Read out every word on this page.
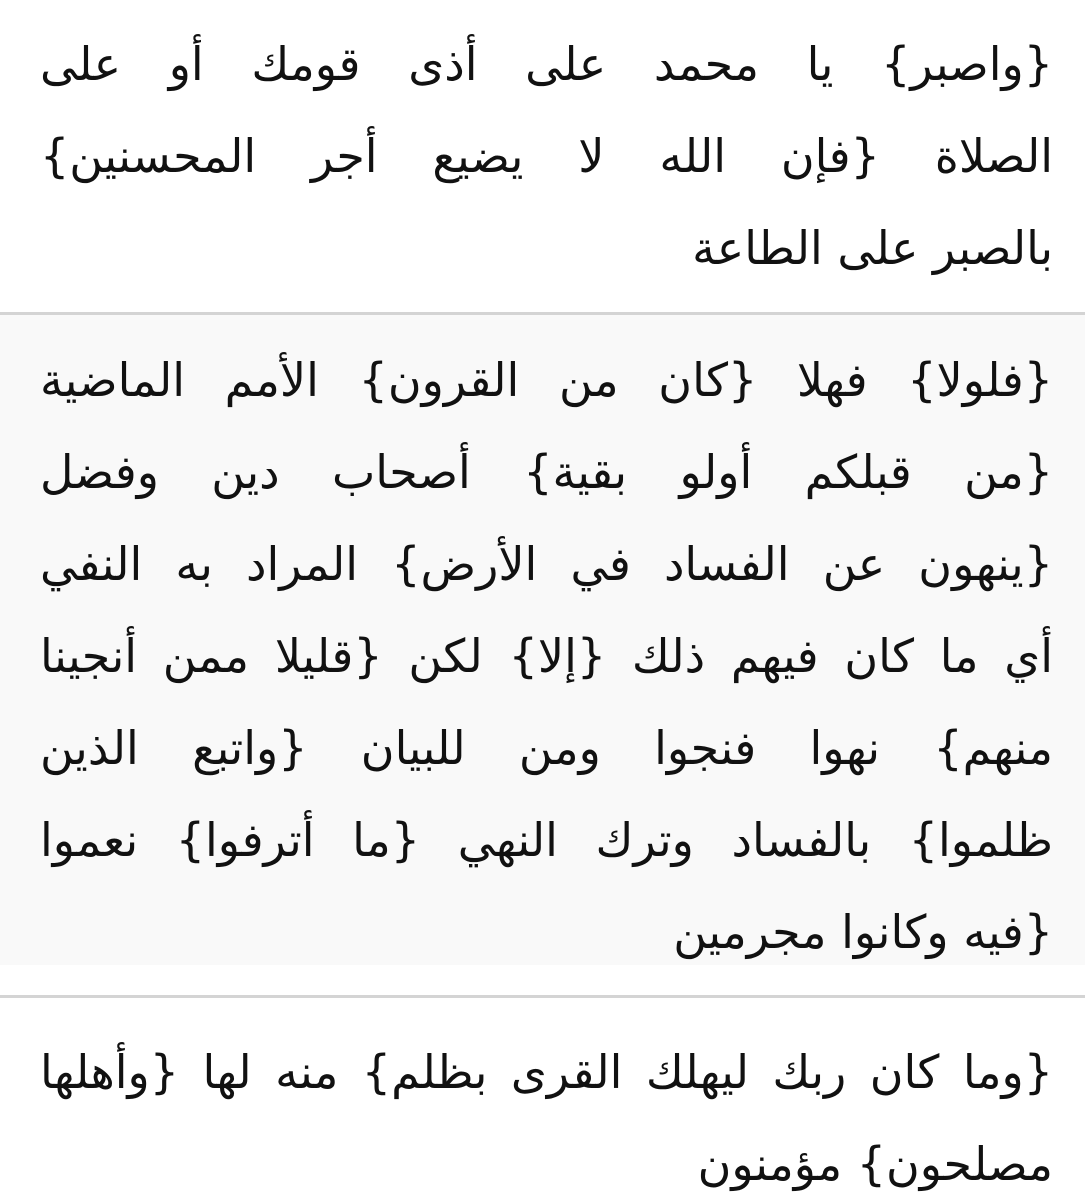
{واصبر} يا محمد على أذى قومك أو على
الصلاة {فإن الله لا يضيع أجر المحسنين}
بالصبر على الطاعة
{فلولا} فهلا {كان من القرون} الأمم الماضية
{من قبلكم أولو بقية} أصحاب دين وفضل
{ينهون عن الفساد في الأرض} المراد به النفي
أي ما كان فيهم ذلك {إلا} لكن {قليلا ممن أنجينا
منهم} نهوا فنجوا ومن للبيان {واتبع الذين
ظلموا} بالفساد وترك النهي {ما أترفوا} نعموا
{فيه وكانوا مجرمين
{وما كان ربك ليهلك القرى بظلم} منه لها {وأهلها
مصلحون} مؤمنون
